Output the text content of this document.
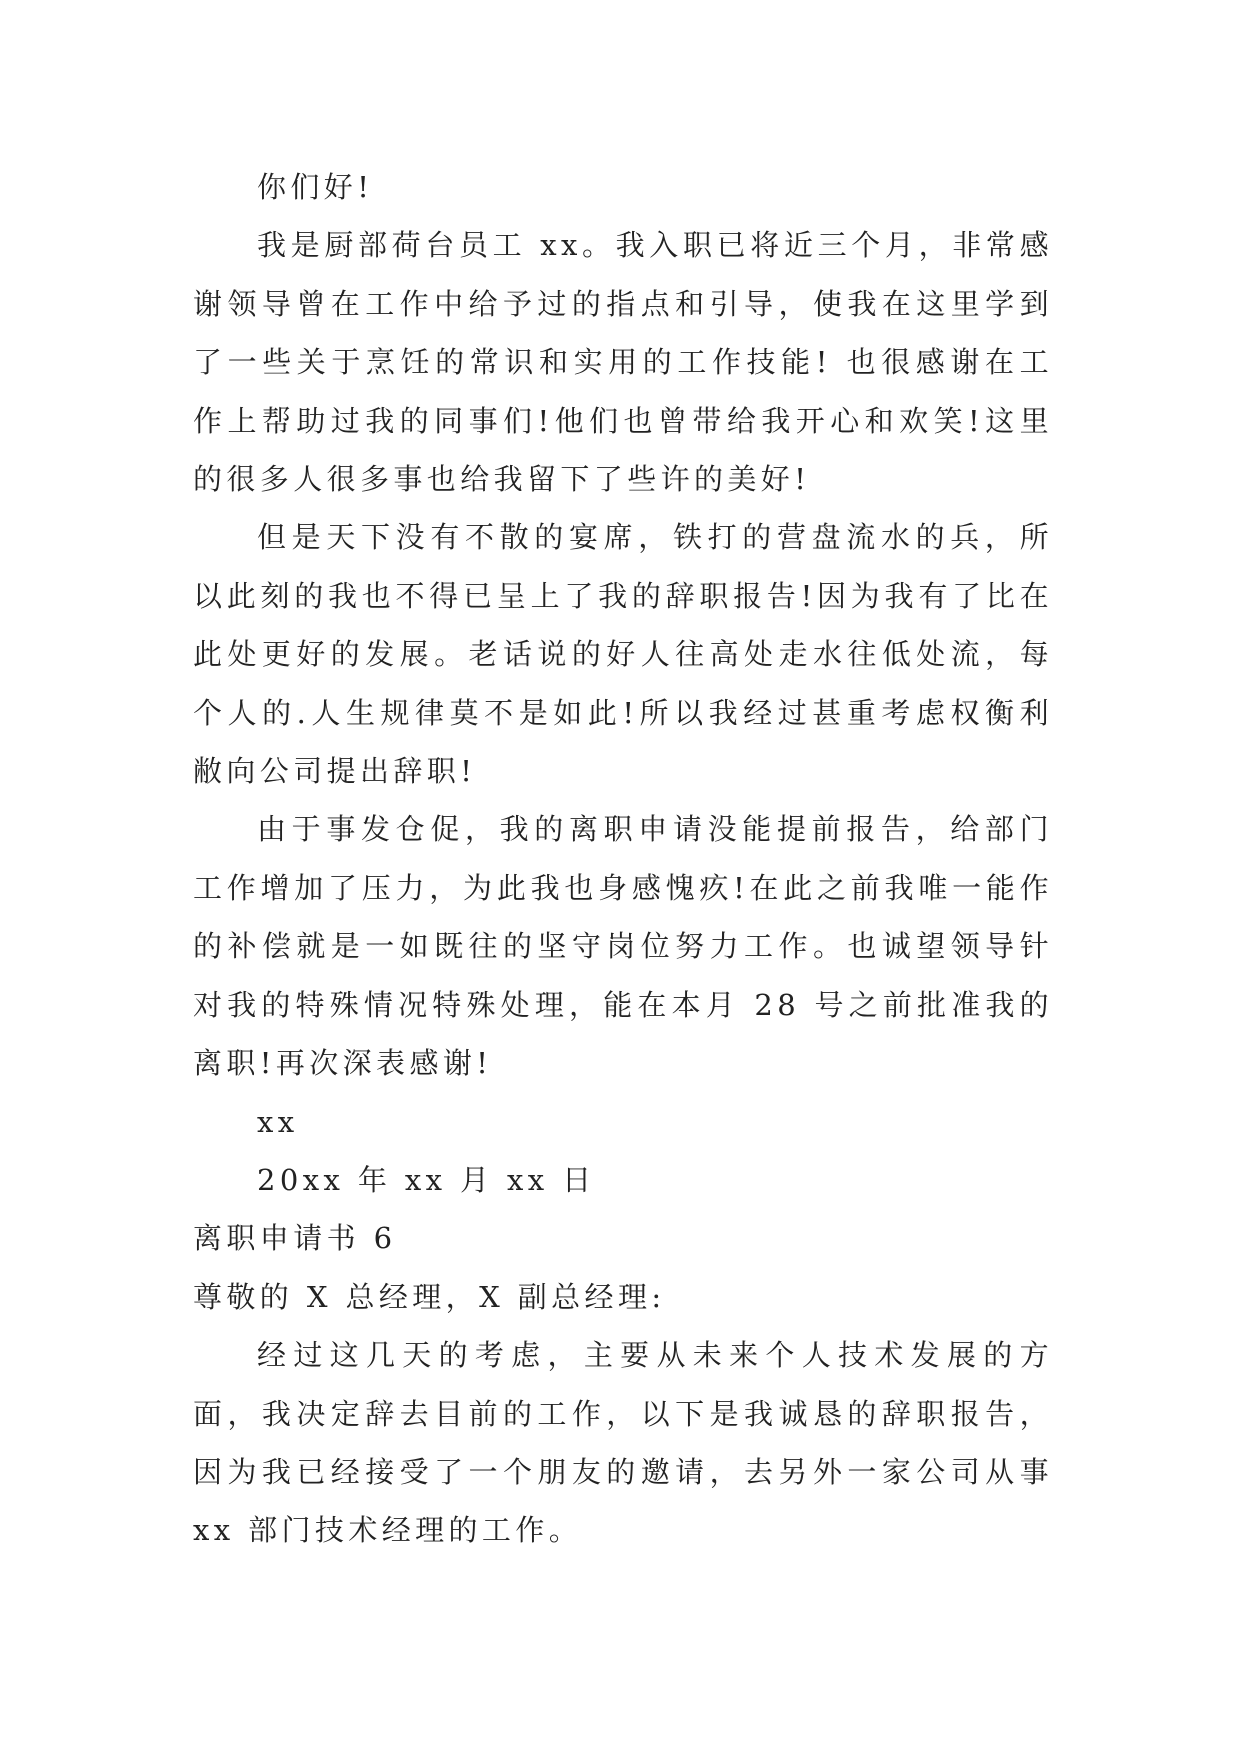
你们好!

我是厨部荷台员工 xx。我入职已将近三个月，非常感谢领导曾在工作中给予过的指点和引导，使我在这里学到了一些关于烹饪的常识和实用的工作技能! 也很感谢在工作上帮助过我的同事们!他们也曾带给我开心和欢笑!这里的很多人很多事也给我留下了些许的美好!

但是天下没有不散的宴席，铁打的营盘流水的兵，所以此刻的我也不得已呈上了我的辞职报告!因为我有了比在此处更好的发展。老话说的好人往高处走水往低处流，每个人的.人生规律莫不是如此!所以我经过甚重考虑权衡利敝向公司提出辞职!

由于事发仓促，我的离职申请没能提前报告，给部门工作增加了压力，为此我也身感愧疚!在此之前我唯一能作的补偿就是一如既往的坚守岗位努力工作。也诚望领导针对我的特殊情况特殊处理，能在本月 28 号之前批准我的离职!再次深表感谢!

xx

20xx 年 xx 月 xx 日

离职申请书 6

尊敬的 X 总经理，X 副总经理:

经过这几天的考虑，主要从未来个人技术发展的方面，我决定辞去目前的工作，以下是我诚恳的辞职报告，因为我已经接受了一个朋友的邀请，去另外一家公司从事 xx 部门技术经理的工作。
